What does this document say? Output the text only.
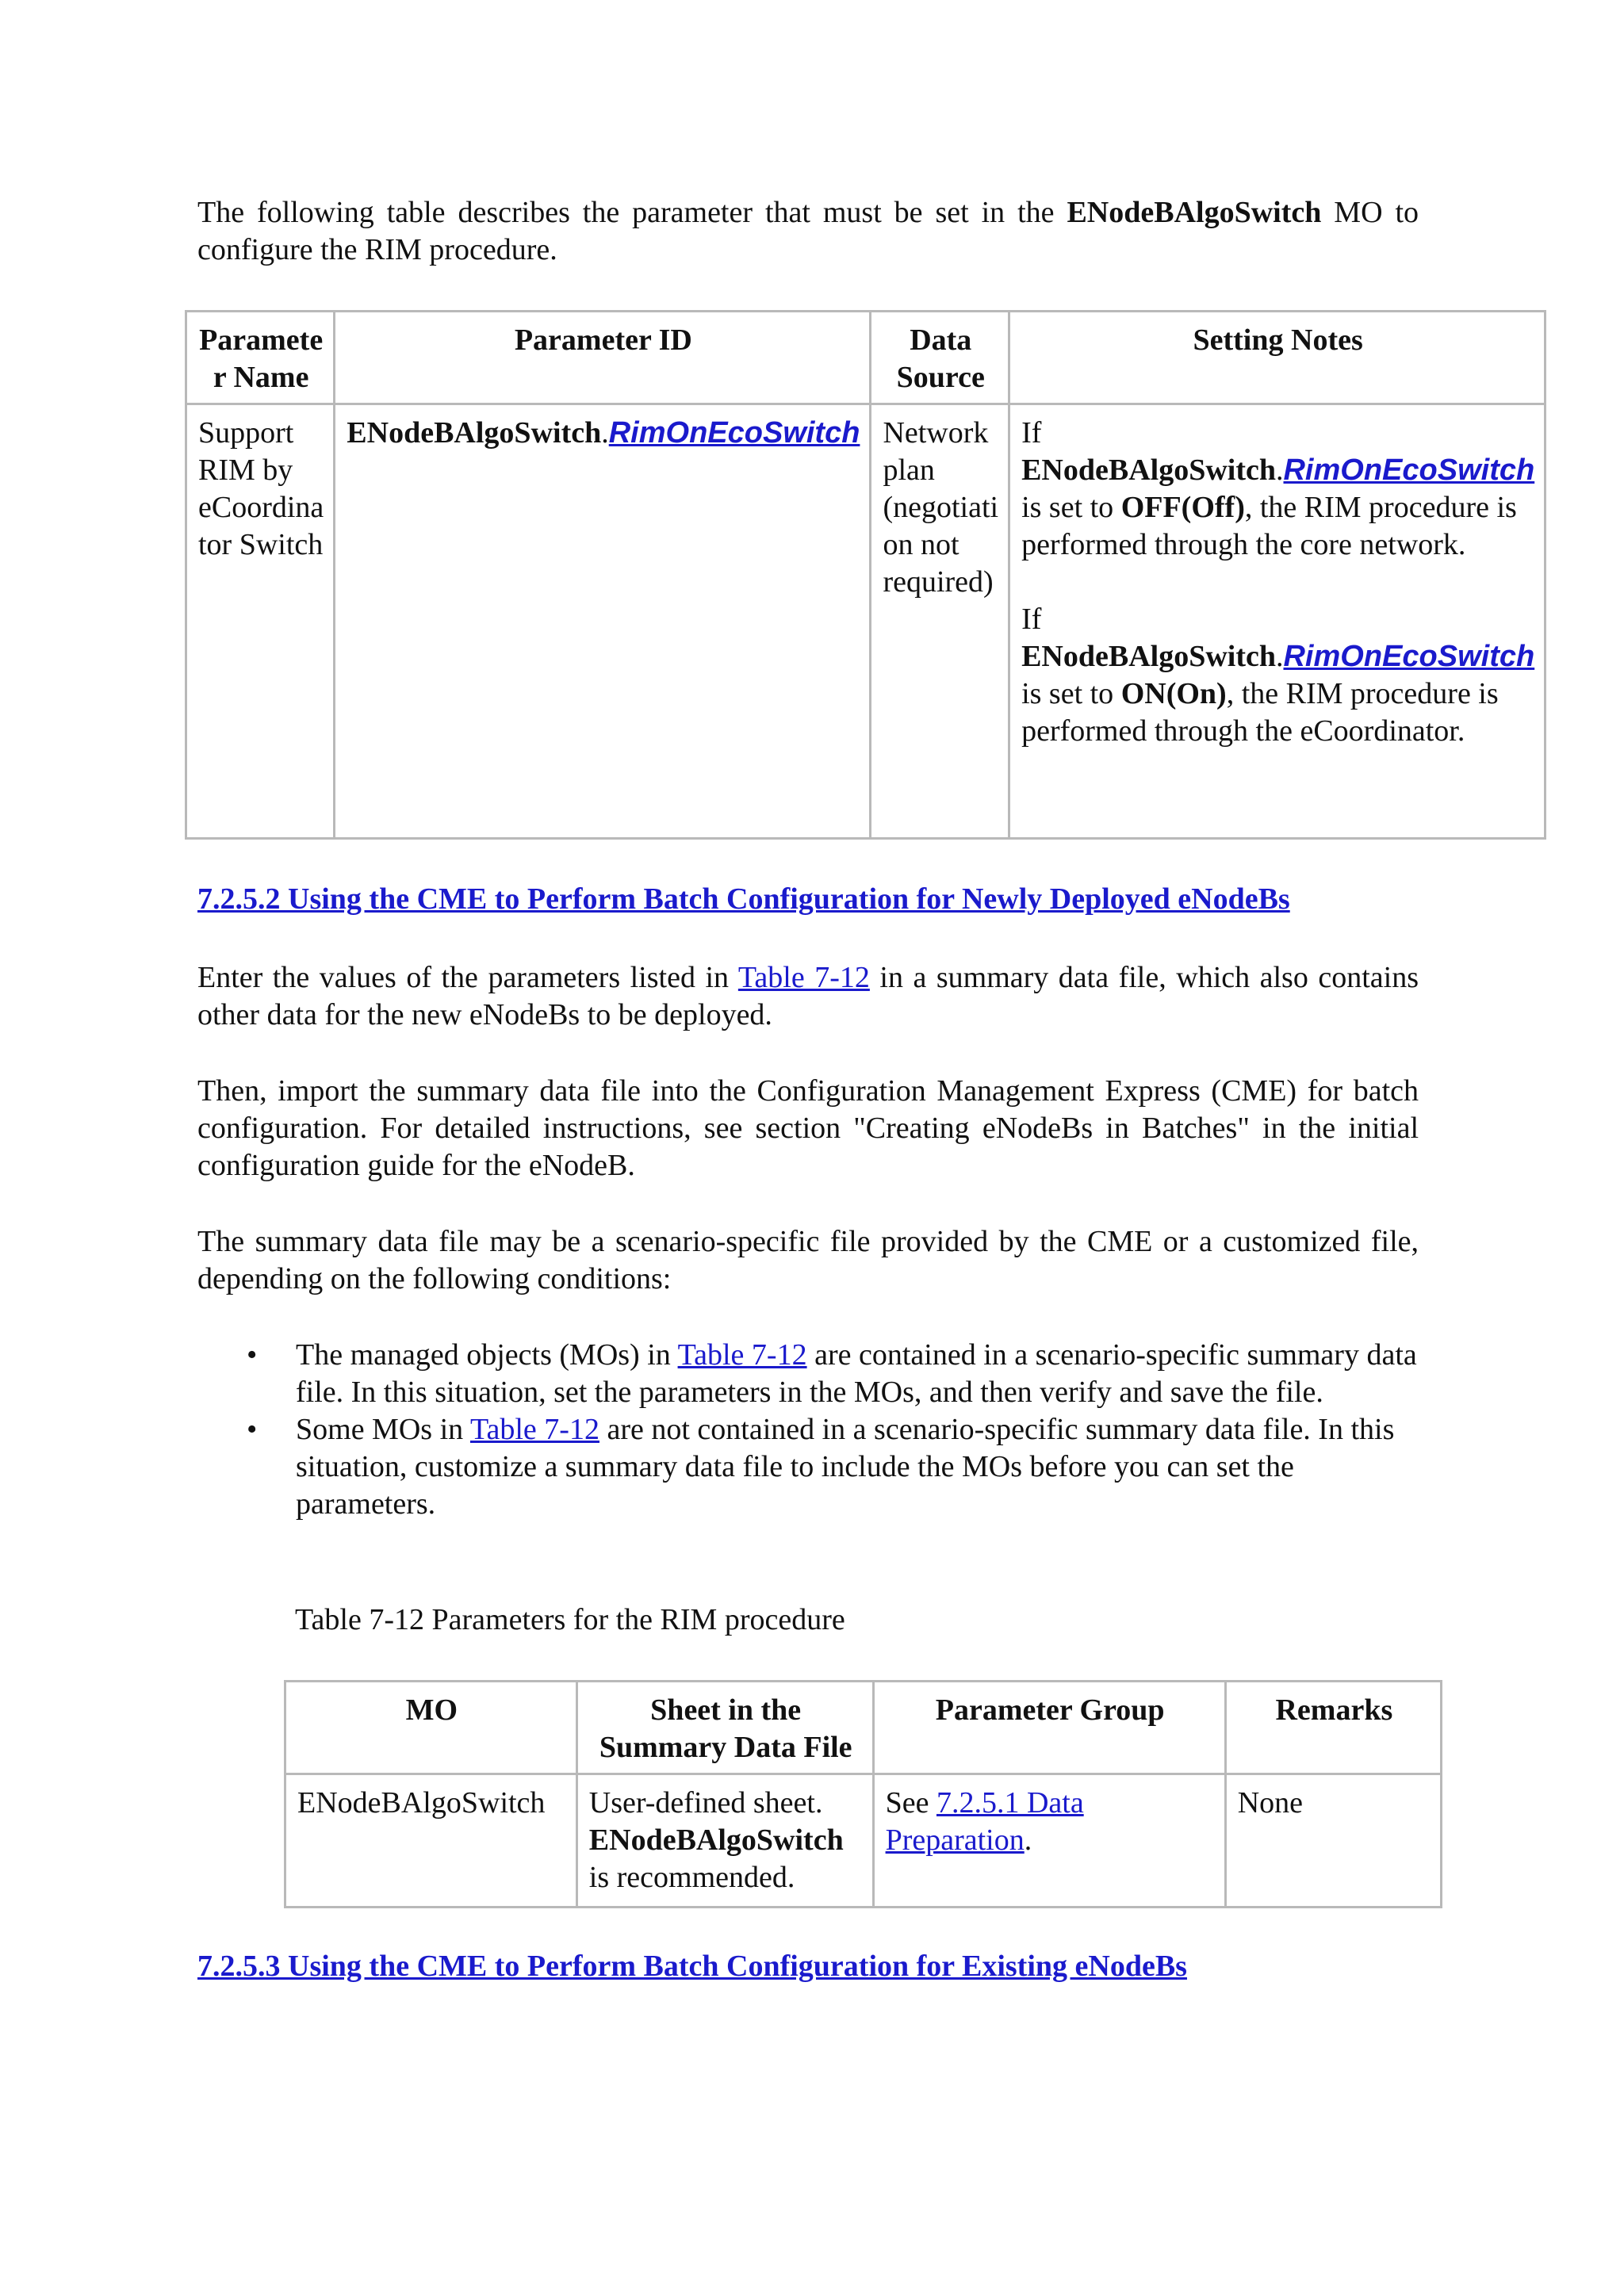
The following table describes the parameter that must be set in the ENodeBAlgoSwitch MO to configure the RIM procedure.

Paramete r Name	Parameter ID	Data Source	Setting Notes
Support RIM by eCoordina tor Switch	ENodeBAlgoSwitch.RimOnEcoSwitch	Network plan (negotiati on not required)	If
ENodeBAlgoSwitch.RimOnEcoSwitch is set to OFF(Off), the RIM procedure is performed through the core network.
If
ENodeBAlgoSwitch.RimOnEcoSwitch is set to ON(On), the RIM procedure is performed through the eCoordinator.

7.2.5.2 Using the CME to Perform Batch Configuration for Newly Deployed eNodeBs

Enter the values of the parameters listed in Table 7-12 in a summary data file, which also contains other data for the new eNodeBs to be deployed.

Then, import the summary data file into the Configuration Management Express (CME) for batch configuration. For detailed instructions, see section "Creating eNodeBs in Batches" in the initial configuration guide for the eNodeB.

The summary data file may be a scenario-specific file provided by the CME or a customized file, depending on the following conditions:

• The managed objects (MOs) in Table 7-12 are contained in a scenario-specific summary data file. In this situation, set the parameters in the MOs, and then verify and save the file.
• Some MOs in Table 7-12 are not contained in a scenario-specific summary data file. In this situation, customize a summary data file to include the MOs before you can set the parameters.

Table 7-12 Parameters for the RIM procedure

MO	Sheet in the Summary Data File	Parameter Group	Remarks
ENodeBAlgoSwitch	User-defined sheet.
ENodeBAlgoSwitch
is recommended.	See 7.2.5.1 Data Preparation.	None

7.2.5.3 Using the CME to Perform Batch Configuration for Existing eNodeBs
